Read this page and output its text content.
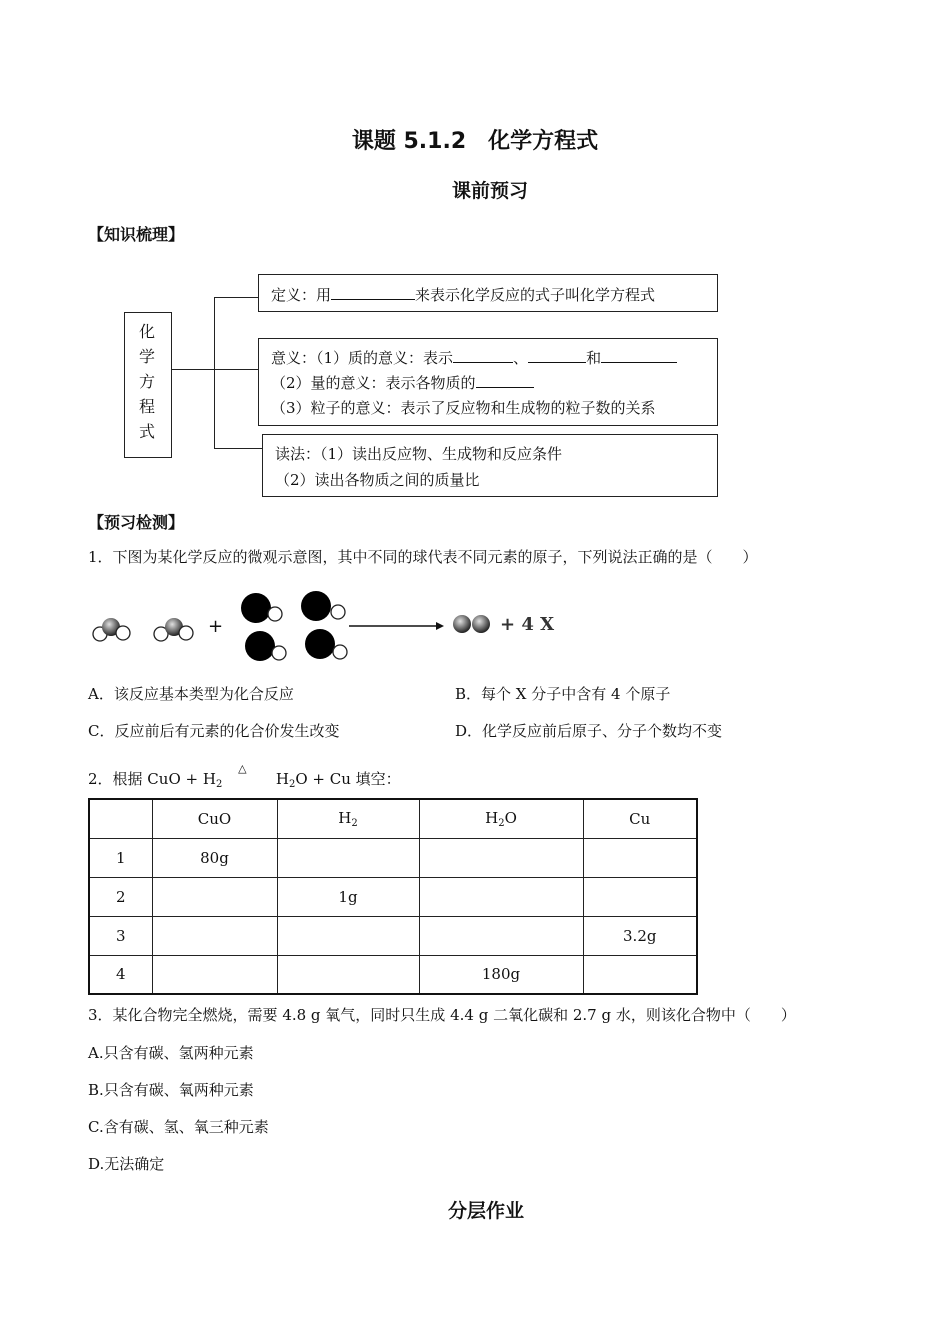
课题 5.1.2　化学方程式
课前预习
【知识梳理】
化
学
方
程
式
定义：用	来表示化学反应的式子叫化学方程式
意义：（1）质的意义：表示	、	和
（2）量的意义：表示各物质的
（3）粒子的意义：表示了反应物和生成物的粒子数的关系
读法：（1）读出反应物、生成物和反应条件
（2）读出各物质之间的质量比
【预习检测】
1．下图为某化学反应的微观示意图，其中不同的球代表不同元素的原子，下列说法正确的是（　　）
+	+ 4 X
A．该反应基本类型为化合反应	B．每个 X 分子中含有 4 个原子
C．反应前后有元素的化合价发生改变	D．化学反应前后原子、分子个数均不变
2．根据 CuO + $H_2$
△
$H_2O + Cu$ 填空：
	CuO	$H_2$	$H_2O$	Cu
1	80g			
2		1g		
3				3.2g
4			180g	
3．某化合物完全燃烧，需要 4.8 g 氧气，同时只生成 4.4 g 二氧化碳和 2.7 g 水，则该化合物中（　　）
A.只含有碳、氢两种元素
B.只含有碳、氧两种元素
C.含有碳、氢、氧三种元素
D.无法确定
分层作业
